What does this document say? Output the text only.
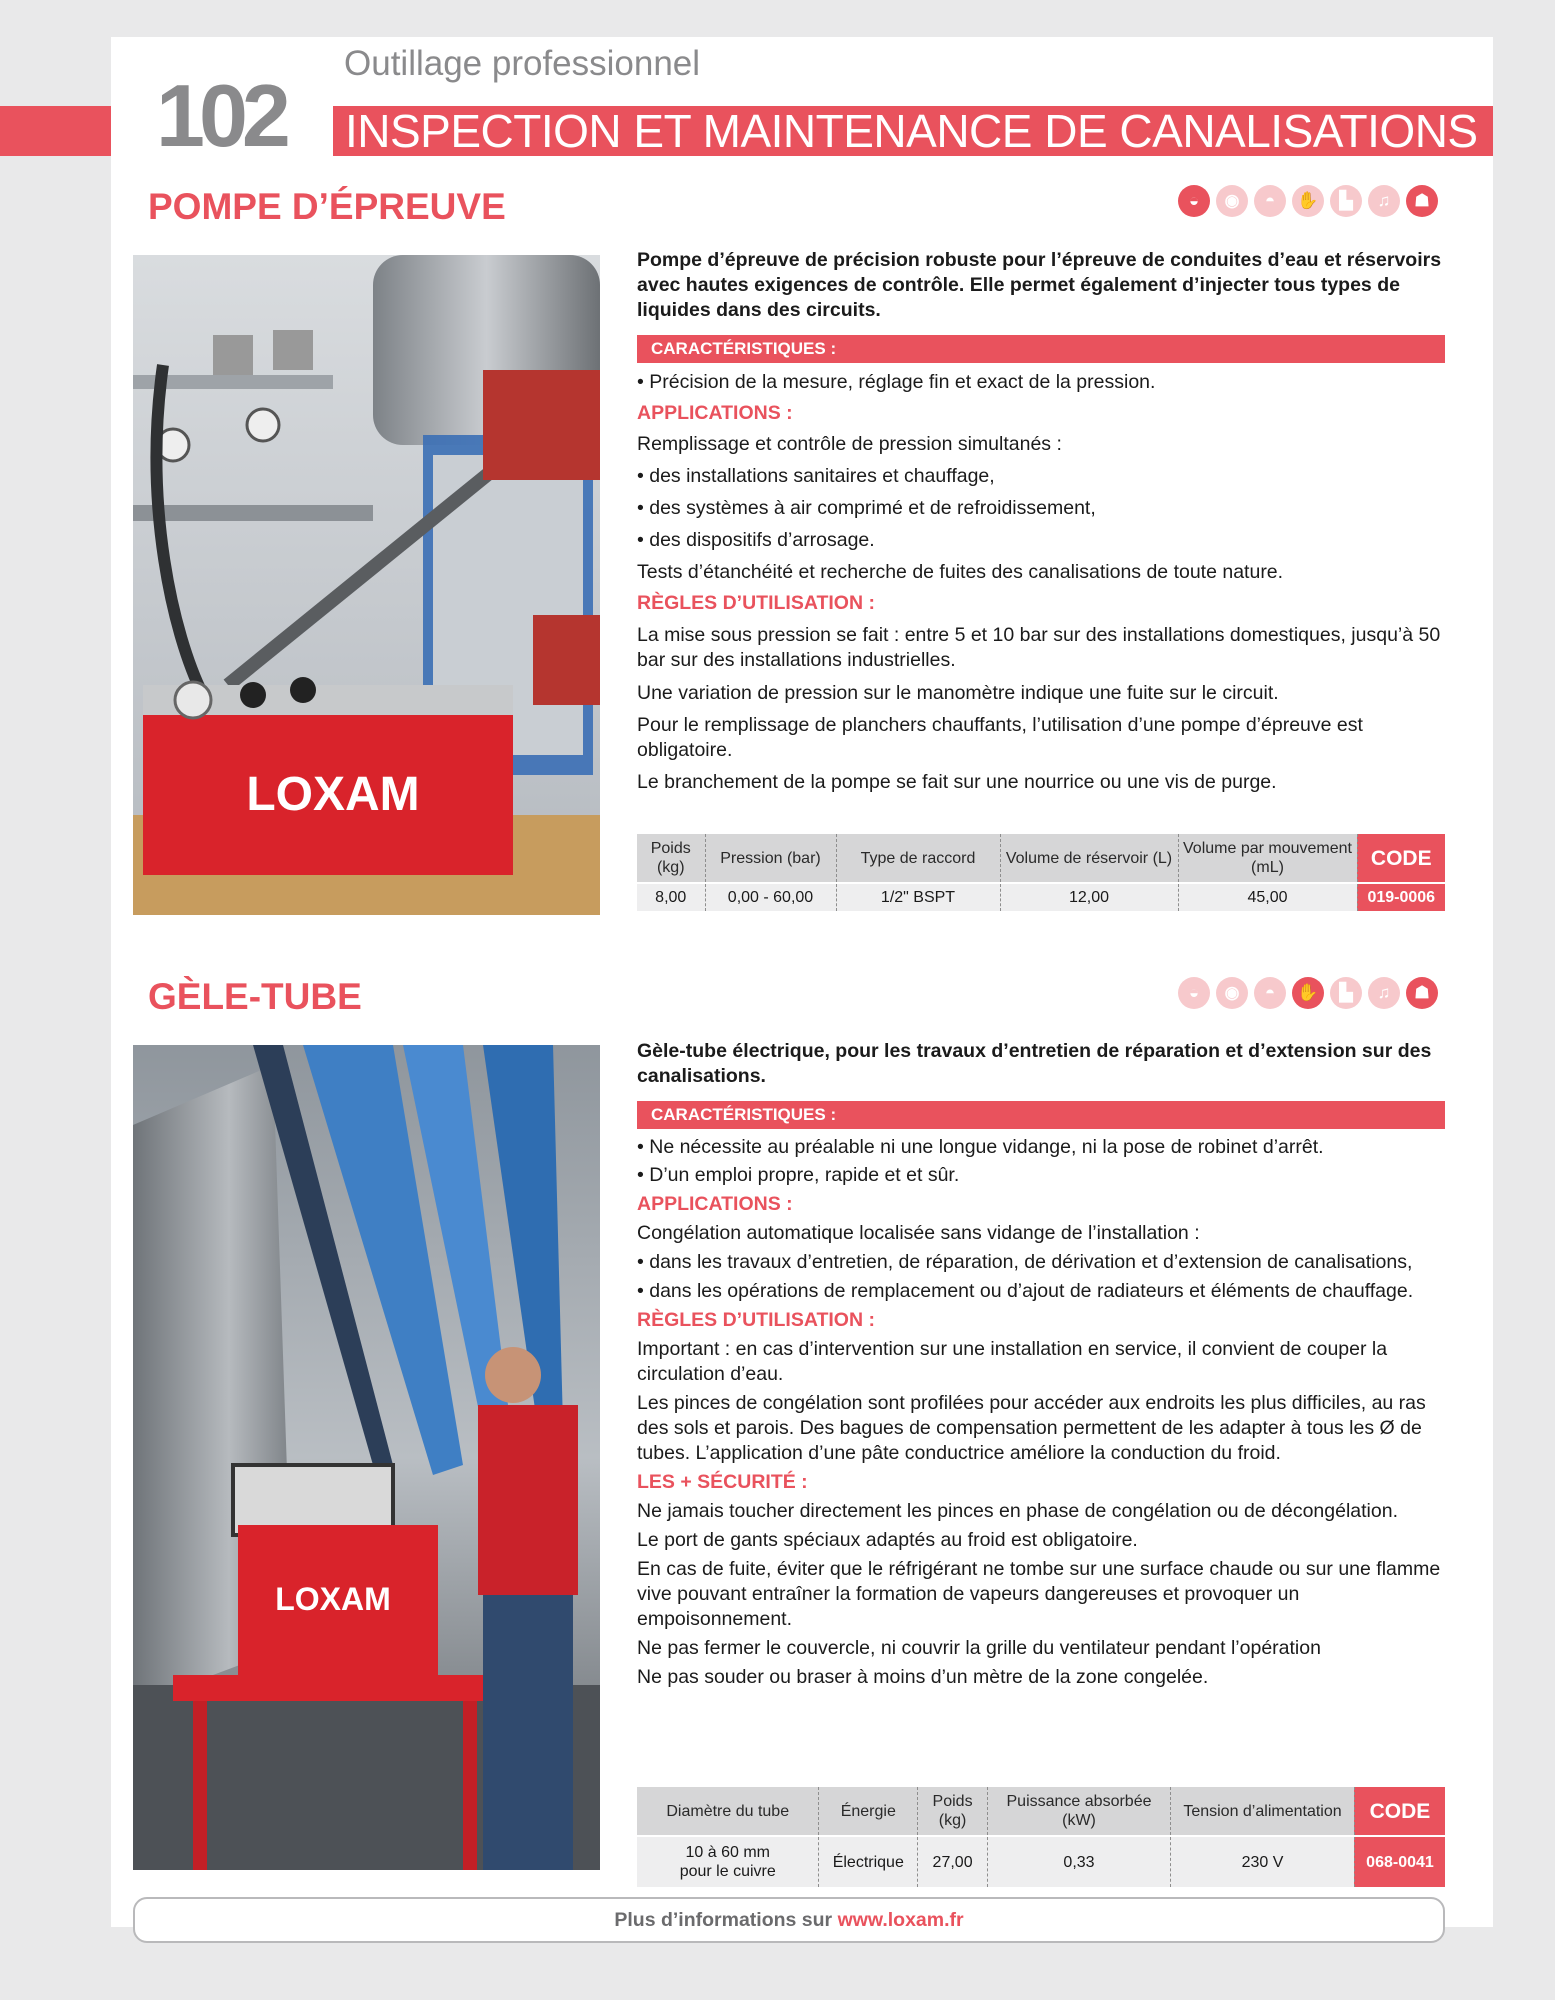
102
Outillage professionnel
INSPECTION ET MAINTENANCE DE CANALISATIONS
POMPE D’ÉPREUVE	◒	◉	◓	✋	▙	♫	☗
LOXAM

Pompe d’épreuve de précision robuste pour l’épreuve de conduites d’eau et réservoirs avec hautes exigences de contrôle. Elle permet également d’injecter tous types de liquides dans des circuits.

CARACTÉRISTIQUES :

• Précision de la mesure, réglage fin et exact de la pression.

APPLICATIONS :

Remplissage et contrôle de pression simultanés :

• des installations sanitaires et chauffage,

• des systèmes à air comprimé et de refroidissement,

• des dispositifs d’arrosage.

Tests d’étanchéité et recherche de fuites des canalisations de toute nature.

RÈGLES D’UTILISATION :

La mise sous pression se fait : entre 5 et 10 bar sur des installations domestiques, jusqu’à 50 bar sur des installations industrielles.

Une variation de pression sur le manomètre indique une fuite sur le circuit.

Pour le remplissage de planchers chauffants, l’utilisation d’une pompe d’épreuve est obligatoire.

Le branchement de la pompe se fait sur une nourrice ou une vis de purge.

Poids (kg)	Pression (bar)	Type de raccord	Volume de réservoir (L)	Volume par mouvement (mL)	CODE
8,00	0,00 - 60,00	1/2" BSPT	12,00	45,00	019-0006
GÈLE-TUBE	◒	◉	◓	✋	▙	♫	☗
LOXAM

Gèle-tube électrique, pour les travaux d’entretien de réparation et d’extension sur des canalisations.

CARACTÉRISTIQUES :

• Ne nécessite au préalable ni une longue vidange, ni la pose de robinet d’arrêt.

• D’un emploi propre, rapide et et sûr.

APPLICATIONS :

Congélation automatique localisée sans vidange de l’installation :

• dans les travaux d’entretien, de réparation, de dérivation et d’extension de canalisations,

• dans les opérations de remplacement ou d’ajout de radiateurs et éléments de chauffage.

RÈGLES D’UTILISATION :

Important : en cas d’intervention sur une installation en service, il convient de couper la circulation d’eau.

Les pinces de congélation sont profilées pour accéder aux endroits les plus difficiles, au ras des sols et parois. Des bagues de compensation permettent de les adapter à tous les Ø de tubes. L’application d’une pâte conductrice améliore la conduction du froid.

LES + SÉCURITÉ :

Ne jamais toucher directement les pinces en phase de congélation ou de décongélation.

Le port de gants spéciaux adaptés au froid est obligatoire.

En cas de fuite, éviter que le réfrigérant ne tombe sur une surface chaude ou sur une flamme vive pouvant entraîner la formation de vapeurs dangereuses et provoquer un empoisonnement.

Ne pas fermer le couvercle, ni couvrir la grille du ventilateur pendant l’opération

Ne pas souder ou braser à moins d’un mètre de la zone congelée.

Diamètre du tube	Énergie	Poids (kg)	Puissance absorbée (kW)	Tension d’alimentation	CODE
10 à 60 mm pour le cuivre	Électrique	27,00	0,33	230 V	068-0041
Plus d’informations sur www.loxam.fr
